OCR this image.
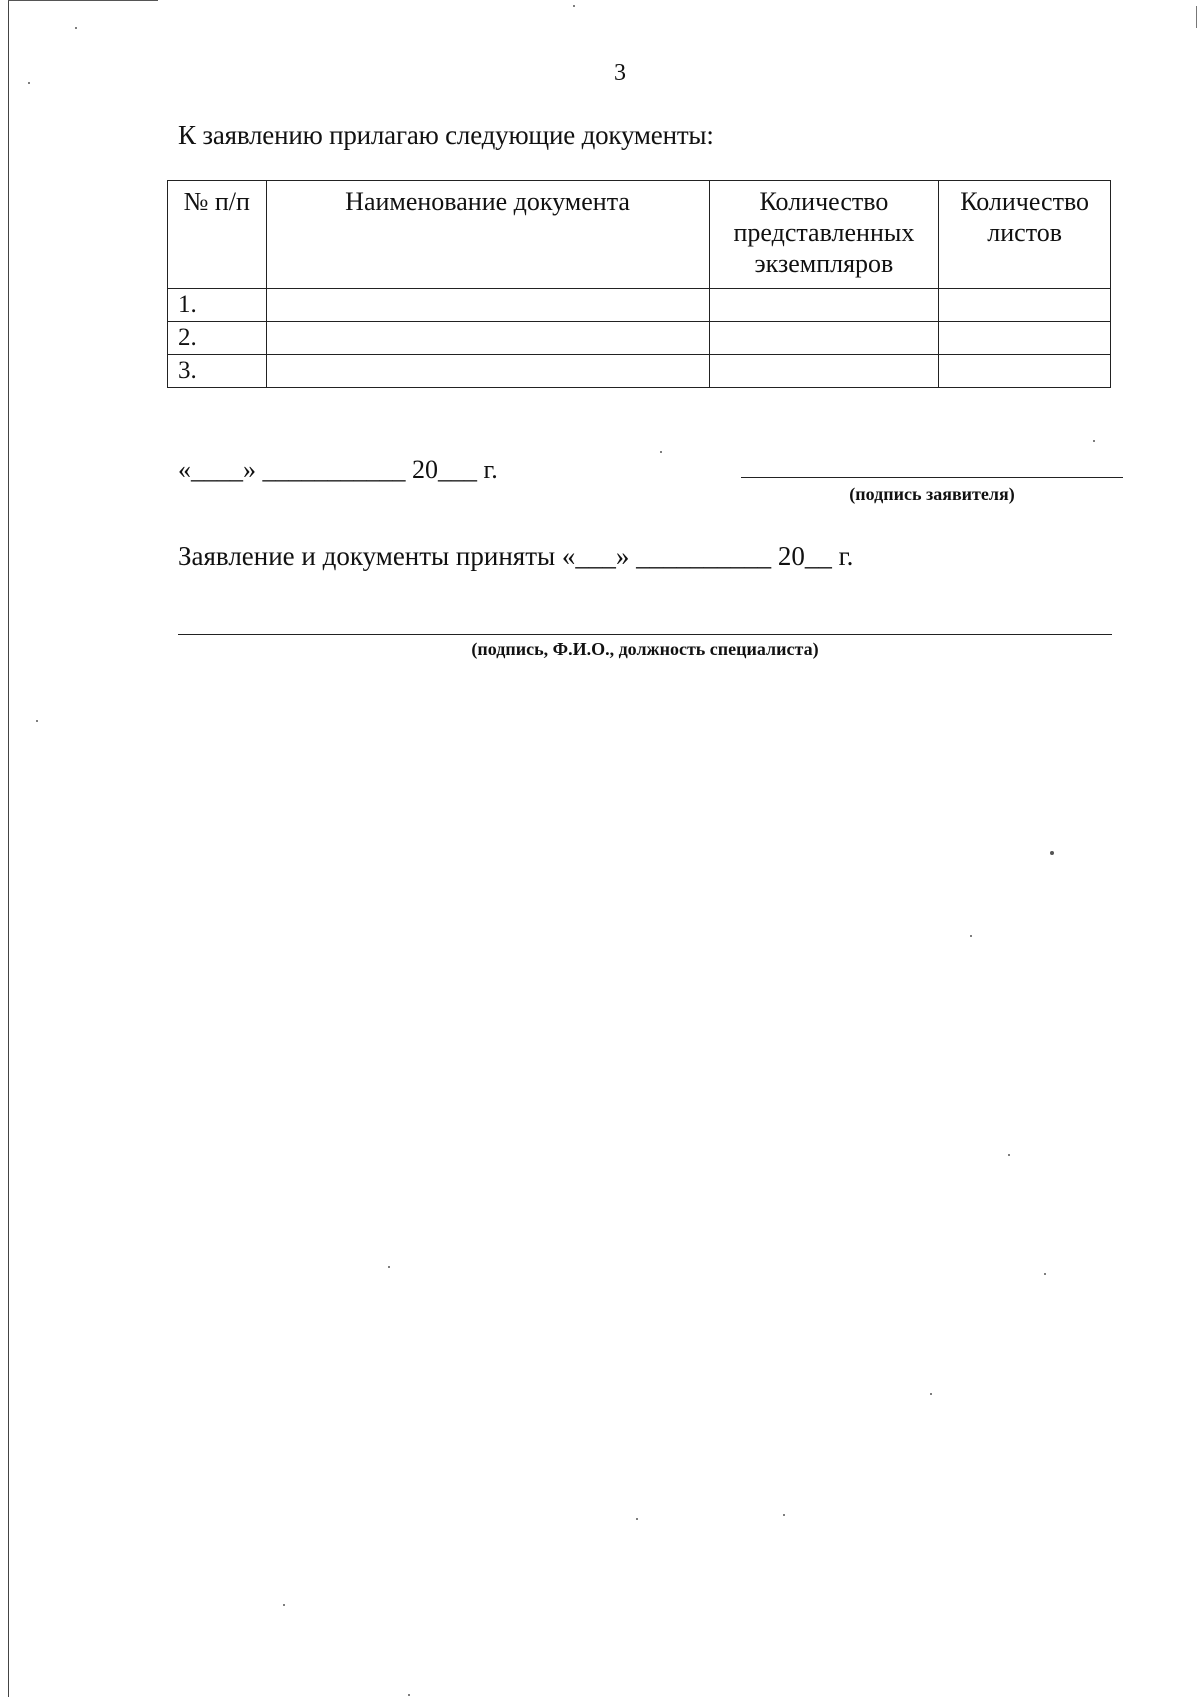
3
К заявлению прилагаю следующие документы:
№ п/п	Наименование документа	Количество представленных экземпляров	Количество листов
1.			
2.			
3.			
«____» ___________ 20___ г.
(подпись заявителя)
Заявление и документы приняты «___» __________ 20__ г.
(подпись, Ф.И.О., должность специалиста)
